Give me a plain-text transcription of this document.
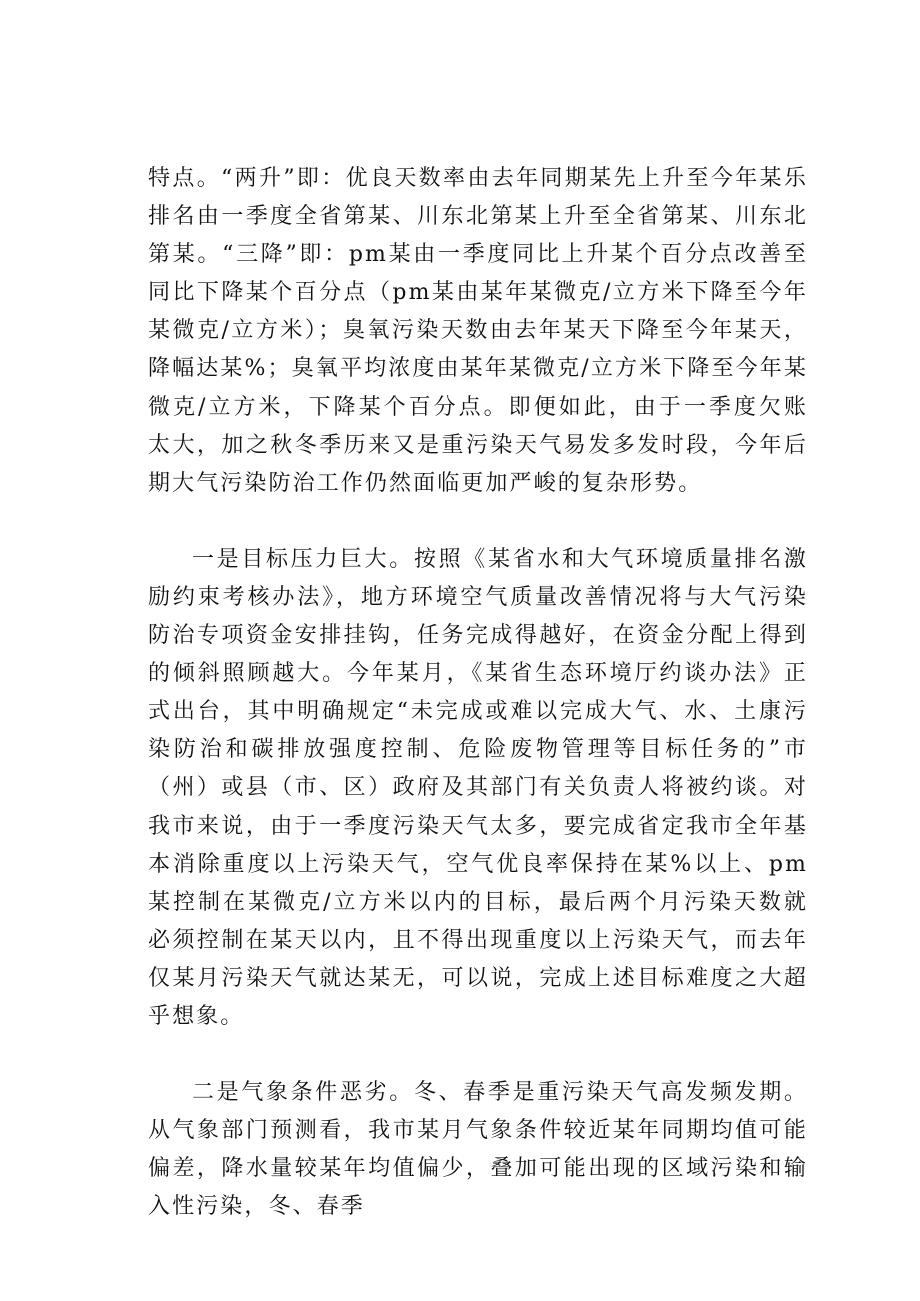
特点。“两升”即：优良天数率由去年同期某先上升至今年某乐排名由一季度全省第某、川东北第某上升至全省第某、川东北第某。“三降”即：pm某由一季度同比上升某个百分点改善至同比下降某个百分点（pm某由某年某微克/立方米下降至今年某微克/立方米）；臭氧污染天数由去年某天下降至今年某天，降幅达某%；臭氧平均浓度由某年某微克/立方米下降至今年某微克/立方米，下降某个百分点。即便如此，由于一季度欠账太大，加之秋冬季历来又是重污染天气易发多发时段，今年后期大气污染防治工作仍然面临更加严峻的复杂形势。

一是目标压力巨大。按照《某省水和大气环境质量排名激励约束考核办法》，地方环境空气质量改善情况将与大气污染防治专项资金安排挂钩，任务完成得越好，在资金分配上得到的倾斜照顾越大。今年某月，《某省生态环境厅约谈办法》正式出台，其中明确规定“未完成或难以完成大气、水、土康污染防治和碳排放强度控制、危险废物管理等目标任务的”市（州）或县（市、区）政府及其部门有关负责人将被约谈。对我市来说，由于一季度污染天气太多，要完成省定我市全年基本消除重度以上污染天气，空气优良率保持在某%以上、pm某控制在某微克/立方米以内的目标，最后两个月污染天数就必须控制在某天以内，且不得出现重度以上污染天气，而去年仅某月污染天气就达某无，可以说，完成上述目标难度之大超乎想象。

二是气象条件恶劣。冬、春季是重污染天气高发频发期。从气象部门预测看，我市某月气象条件较近某年同期均值可能偏差，降水量较某年均值偏少，叠加可能出现的区域污染和输入性污染，冬、春季
